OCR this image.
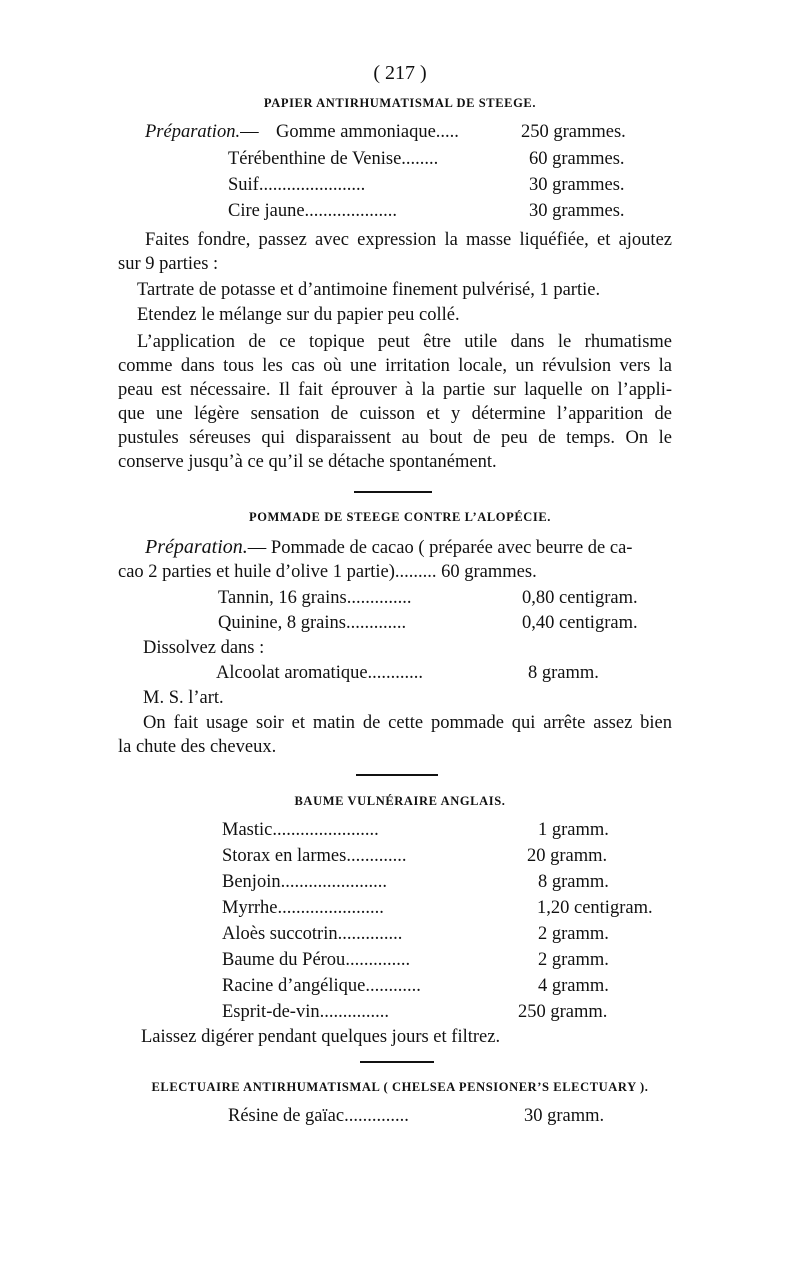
( 217 )
PAPIER ANTIRHUMATISMAL DE STEEGE.
Préparation.— Gomme ammoniaque.....	250 grammes.
Térébenthine de Venise........	60 grammes.
Suif.......................	30 grammes.
Cire jaune....................	30 grammes.
Faites fondre, passez avec expression la masse liquéfiée, et ajoutez
sur 9 parties :
Tartrate de potasse et d’antimoine finement pulvérisé, 1 partie.
Etendez le mélange sur du papier peu collé.
L’application de ce topique peut être utile dans le rhumatisme
comme dans tous les cas où une irritation locale, un révulsion vers la
peau est nécessaire. Il fait éprouver à la partie sur laquelle on l’appli-
que une légère sensation de cuisson et y détermine l’apparition de
pustules séreuses qui disparaissent au bout de peu de temps. On le
conserve jusqu’à ce qu’il se détache spontanément.
POMMADE DE STEEGE CONTRE L’ALOPÉCIE.
Préparation.— Pommade de cacao ( préparée avec beurre de ca-
cao 2 parties et huile d’olive 1 partie)......... 60 grammes.
Tannin, 16 grains..............	0,80 centigram.
Quinine, 8 grains.............	0,40 centigram.
Dissolvez dans :
Alcoolat aromatique............	8 gramm.
M. S. l’art.
On fait usage soir et matin de cette pommade qui arrête assez bien
la chute des cheveux.
BAUME VULNÉRAIRE ANGLAIS.
Mastic.......................	1 gramm.
Storax en larmes.............	20 gramm.
Benjoin.......................	8 gramm.
Myrrhe.......................	1,20 centigram.
Aloès succotrin..............	2 gramm.
Baume du Pérou..............	2 gramm.
Racine d’angélique............	4 gramm.
Esprit-de-vin...............	250 gramm.
Laissez digérer pendant quelques jours et filtrez.
ELECTUAIRE ANTIRHUMATISMAL ( CHELSEA PENSIONER’S ELECTUARY ).
Résine de gaïac..............	30 gramm.
